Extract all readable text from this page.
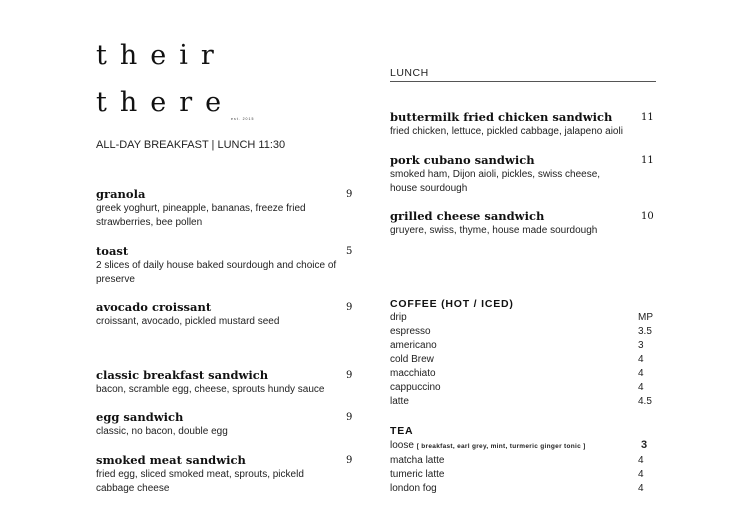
their
there
est. 2015
ALL-DAY BREAKFAST | LUNCH 11:30
granola
greek yoghurt, pineapple, bananas, freeze fried strawberries, bee pollen
9
toast
2 slices of daily house baked sourdough and choice of preserve
5
avocado croissant
croissant, avocado, pickled mustard seed
9
classic breakfast sandwich
bacon, scramble egg, cheese, sprouts hundy sauce
9
egg sandwich
classic, no bacon, double egg
9
smoked meat sandwich
fried egg, sliced smoked meat, sprouts, pickeld cabbage cheese
9
LUNCH
buttermilk fried chicken sandwich
fried chicken, lettuce, pickled cabbage, jalapeno aioli
11
pork cubano sandwich
smoked ham, Dijon aioli, pickles, swiss cheese, house sourdough
11
grilled cheese sandwich
gruyere, swiss, thyme, house made sourdough
10
COFFEE (HOT / ICED)
drip	MP
espresso	3.5
americano	3
cold Brew	4
macchiato	4
cappuccino	4
latte	4.5
TEA
loose [ breakfast, earl grey, mint, turmeric ginger tonic ]	3
matcha latte	4
tumeric latte	4
london fog	4
